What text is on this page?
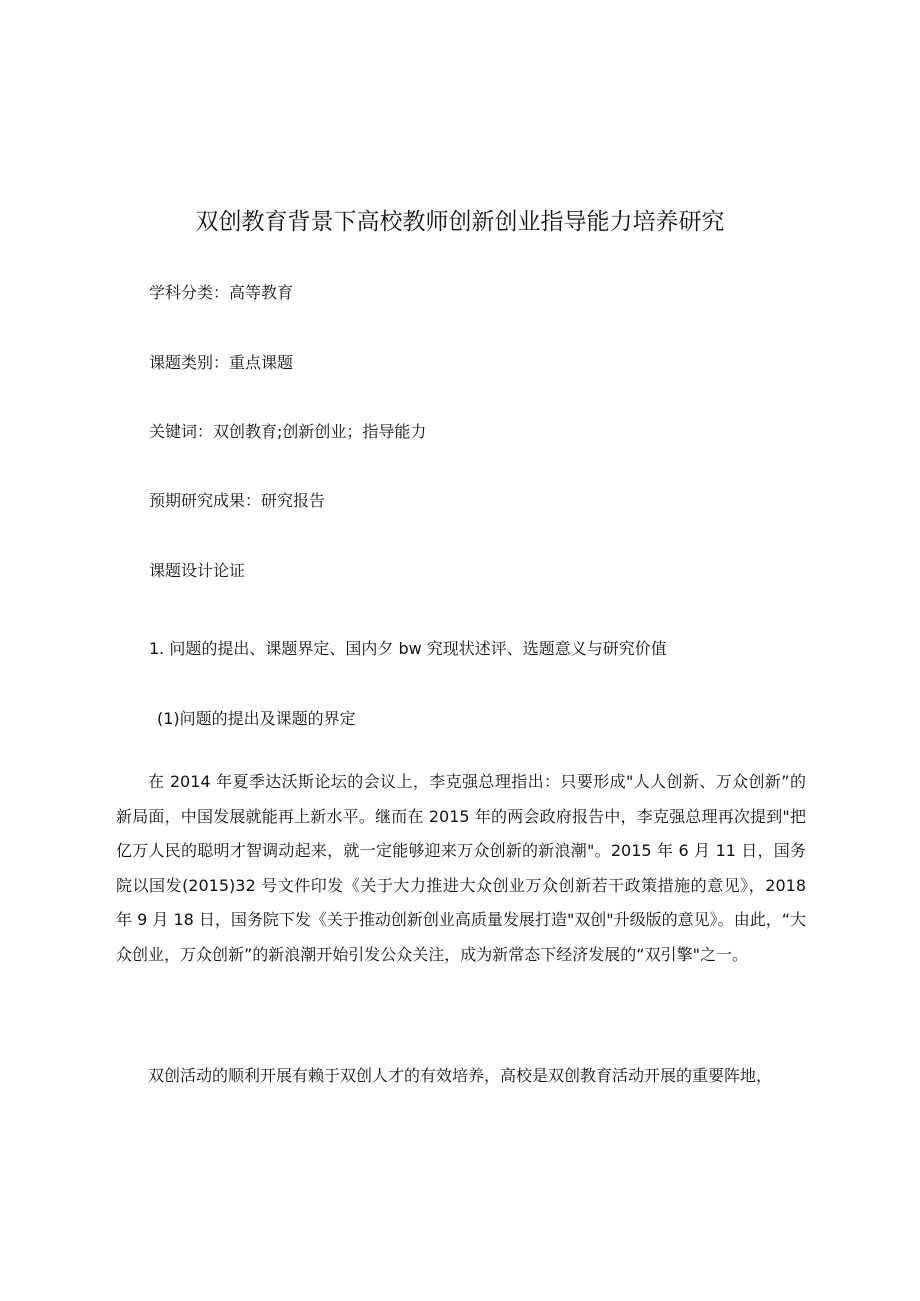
双创教育背景下高校教师创新创业指导能力培养研究
学科分类：高等教育
课题类别：重点课题
关键词：双创教育;创新创业；指导能力
预期研究成果：研究报告
课题设计论证
1. 问题的提出、课题界定、国内夕 bw 究现状述评、选题意义与研究价值
(1)问题的提出及课题的界定

在 2014 年夏季达沃斯论坛的会议上，李克强总理指出：只要形成"人人创新、万众创新”的新局面，中国发展就能再上新水平。继而在 2015 年的两会政府报告中，李克强总理再次提到"把亿万人民的聪明才智调动起来，就一定能够迎来万众创新的新浪潮"。2015 年 6 月 11 日，国务院以国发(2015)32 号文件印发《关于大力推进大众创业万众创新若干政策措施的意见》，2018 年 9 月 18 日，国务院下发《关于推动创新创业高质量发展打造"双创"升级版的意见》。由此，“大众创业，万众创新”的新浪潮开始引发公众关注，成为新常态下经济发展的“双引擎"之一。

双创活动的顺利开展有赖于双创人才的有效培养，高校是双创教育活动开展的重要阵地，
